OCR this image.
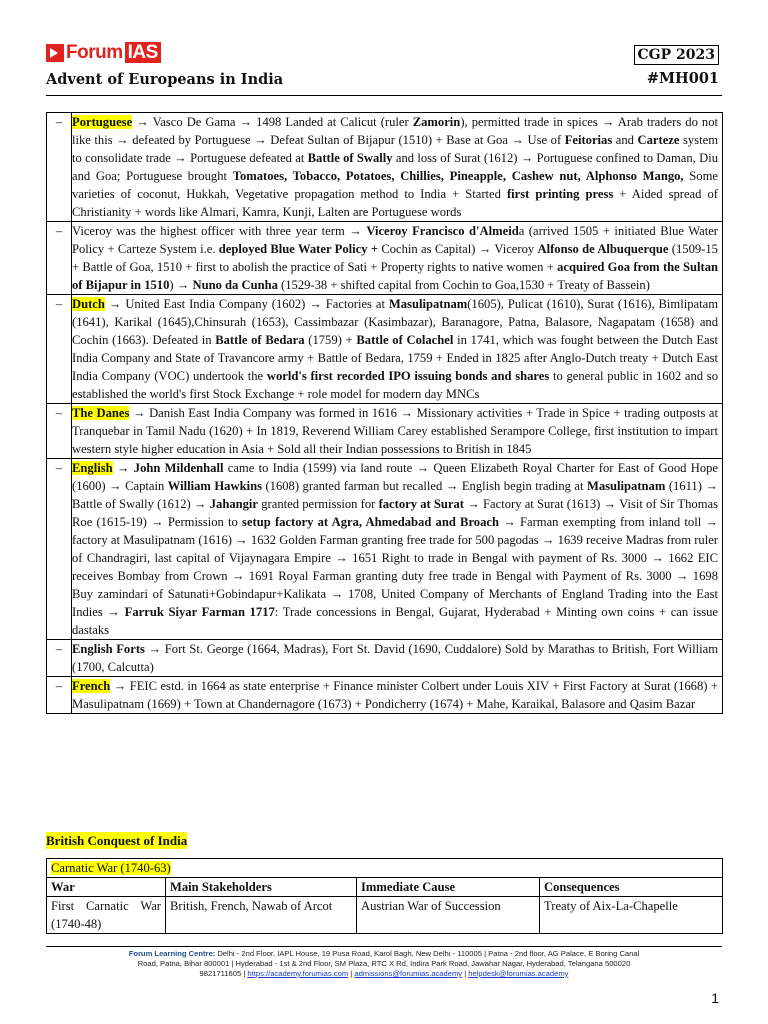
Forum IAS
Advent of Europeans in India
CGP 2023
#MH001
–	Portuguese → Vasco De Gama → 1498 Landed at Calicut (ruler Zamorin), permitted trade in spices → Arab traders do not like this → defeated by Portuguese → Defeat Sultan of Bijapur (1510) + Base at Goa → Use of Feitorias and Carteze system to consolidate trade → Portuguese defeated at Battle of Swally and loss of Surat (1612) → Portuguese confined to Daman, Diu and Goa; Portuguese brought Tomatoes, Tobacco, Potatoes, Chillies, Pineapple, Cashew nut, Alphonso Mango, Some varieties of coconut, Hukkah, Vegetative propagation method to India + Started first printing press + Aided spread of Christianity + words like Almari, Kamra, Kunji, Lalten are Portuguese words
–	Viceroy was the highest officer with three year term → Viceroy Francisco d'Almeida (arrived 1505 + initiated Blue Water Policy + Carteze System i.e. deployed Blue Water Policy + Cochin as Capital) → Viceroy Alfonso de Albuquerque (1509-15 + Battle of Goa, 1510 + first to abolish the practice of Sati + Property rights to native women + acquired Goa from the Sultan of Bijapur in 1510) → Nuno da Cunha (1529-38 + shifted capital from Cochin to Goa,1530 + Treaty of Bassein)
–	Dutch → United East India Company (1602) → Factories at Masulipatnam(1605), Pulicat (1610), Surat (1616), Bimlipatam (1641), Karikal (1645),Chinsurah (1653), Cassimbazar (Kasimbazar), Baranagore, Patna, Balasore, Nagapatam (1658) and Cochin (1663). Defeated in Battle of Bedara (1759) + Battle of Colachel in 1741, which was fought between the Dutch East India Company and State of Travancore army + Battle of Bedara, 1759 + Ended in 1825 after Anglo-Dutch treaty + Dutch East India Company (VOC) undertook the world's first recorded IPO issuing bonds and shares to general public in 1602 and so established the world's first Stock Exchange + role model for modern day MNCs
–	The Danes → Danish East India Company was formed in 1616 → Missionary activities + Trade in Spice + trading outposts at Tranquebar in Tamil Nadu (1620) + In 1819, Reverend William Carey established Serampore College, first institution to impart western style higher education in Asia + Sold all their Indian possessions to British in 1845
–	English → John Mildenhall came to India (1599) via land route → Queen Elizabeth Royal Charter for East of Good Hope (1600) → Captain William Hawkins (1608) granted farman but recalled → English begin trading at Masulipatnam (1611) → Battle of Swally (1612) → Jahangir granted permission for factory at Surat → Factory at Surat (1613) → Visit of Sir Thomas Roe (1615-19) → Permission to setup factory at Agra, Ahmedabad and Broach → Farman exempting from inland toll → factory at Masulipatnam (1616) → 1632 Golden Farman granting free trade for 500 pagodas → 1639 receive Madras from ruler of Chandragiri, last capital of Vijaynagara Empire → 1651 Right to trade in Bengal with payment of Rs. 3000 → 1662 EIC receives Bombay from Crown → 1691 Royal Farman granting duty free trade in Bengal with Payment of Rs. 3000 → 1698 Buy zamindari of Satunati+Gobindapur+Kalikata → 1708, United Company of Merchants of England Trading into the East Indies → Farruk Siyar Farman 1717: Trade concessions in Bengal, Gujarat, Hyderabad + Minting own coins + can issue dastaks

–	English Forts → Fort St. George (1664, Madras), Fort St. David (1690, Cuddalore) Sold by Marathas to British, Fort William (1700, Calcutta)
–	French → FEIC estd. in 1664 as state enterprise + Finance minister Colbert under Louis XIV + First Factory at Surat (1668) + Masulipatnam (1669) + Town at Chandernagore (1673) + Pondicherry (1674) + Mahe, Karaikal, Balasore and Qasim Bazar
British Conquest of India
Carnatic War (1740-63)			
War	Main Stakeholders	Immediate Cause	Consequences
First Carnatic War (1740-48)	British, French, Nawab of Arcot	Austrian War of Succession	Treaty of Aix-La-Chapelle
Forum Learning Centre: Delhi - 2nd Floor, IAPL House, 19 Pusa Road, Karol Bagh, New Delhi - 110005 | Patna - 2nd floor, AG Palace, E Boring Canal
Road, Patna, Bihar 800001 | Hyderabad - 1st & 2nd Floor, SM Plaza, RTC X Rd, Indira Park Road, Jawahar Nagar, Hyderabad, Telangana 500020
9821711605 | https://academy.forumias.com | admissions@forumias.academy | helpdesk@forumias.academy
1
